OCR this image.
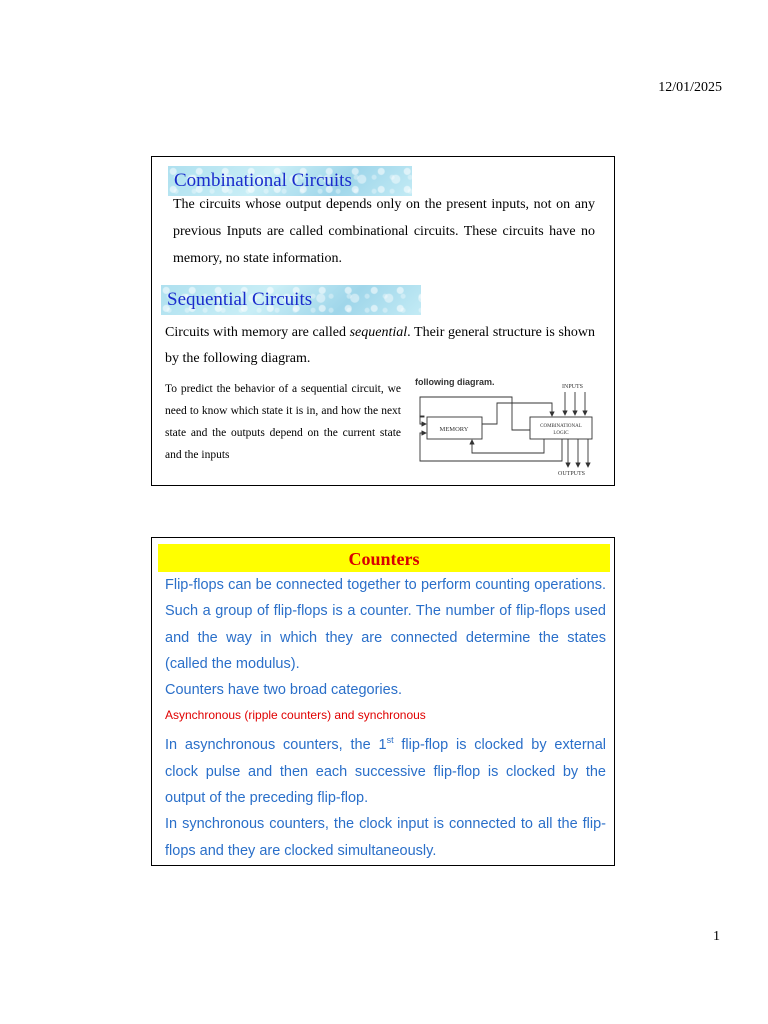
12/01/2025
Combinational Circuits
The circuits whose output depends only on the present inputs, not on any previous Inputs are called combinational circuits. These circuits have no memory, no state information.
Sequential Circuits
Circuits with memory are called sequential. Their general structure is shown by the following diagram.
To predict the behavior of a sequential circuit, we need to know which state it is in, and how the next state and the outputs depend on the current state and the inputs
following diagram.	INPUTS
MEMORY	COMBINATIONAL
LOGIC
OUTPUTS
Counters

Flip-flops can be connected together to perform counting operations. Such a group of flip-flops is a counter. The number of flip-flops used and the way in which they are connected determine the states (called the modulus).

Counters have two broad categories.

Asynchronous (ripple counters) and synchronous

In asynchronous counters, the 1st flip-flop is clocked by external clock pulse and then each successive flip-flop is clocked by the output of the preceding flip-flop.

In synchronous counters, the clock input is connected to all the flip-flops and they are clocked simultaneously.

1
